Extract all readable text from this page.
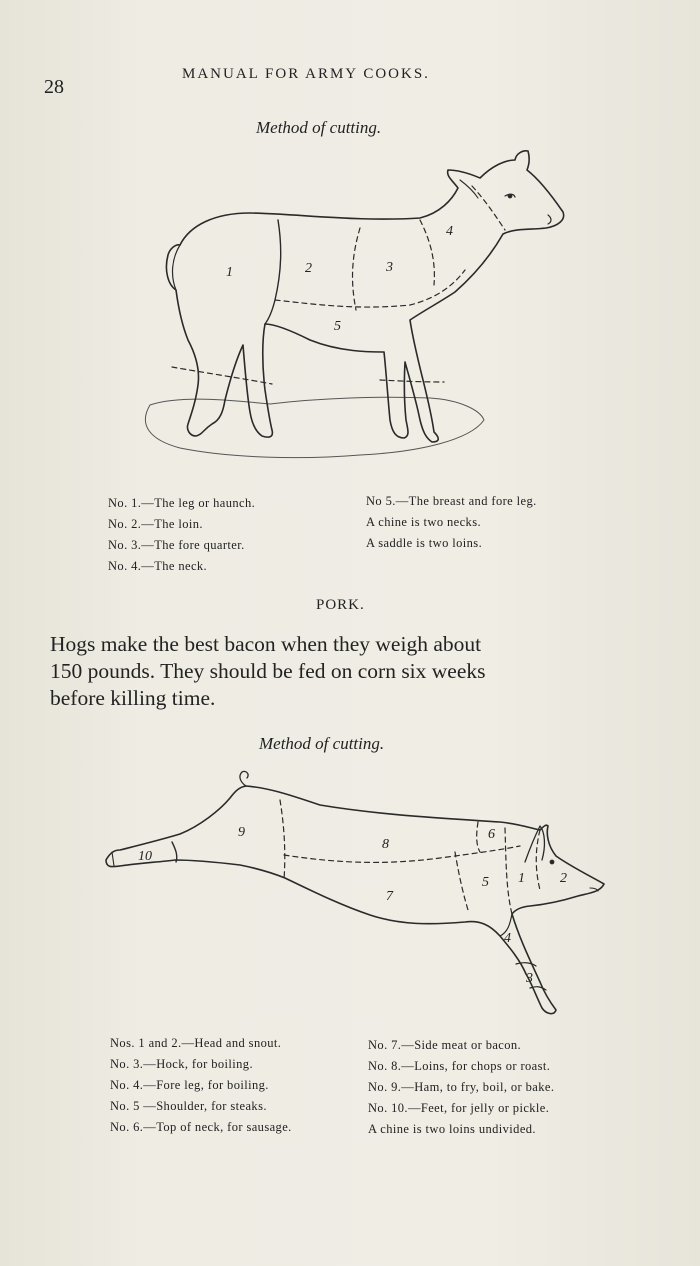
28
MANUAL FOR ARMY COOKS.
Method of cutting.
1	2	3
4
5
No. 1.—The leg or haunch.
No. 2.—The loin.
No. 3.—The fore quarter.
No. 4.—The neck.
No 5.—The breast and fore leg.
A chine is two necks.
A saddle is two loins.
PORK.
Hogs make the best bacon when they weigh about
150 pounds. They should be fed on corn six weeks
before killing time.
Method of cutting.
1	2
3
4
5
6
7
8
9
10
Nos. 1 and 2.—Head and snout.
No. 3.—Hock, for boiling.
No. 4.—Fore leg, for boiling.
No. 5 —Shoulder, for steaks.
No. 6.—Top of neck, for sausage.
No. 7.—Side meat or bacon.
No. 8.—Loins, for chops or roast.
No. 9.—Ham, to fry, boil, or bake.
No. 10.—Feet, for jelly or pickle.
A chine is two loins undivided.
